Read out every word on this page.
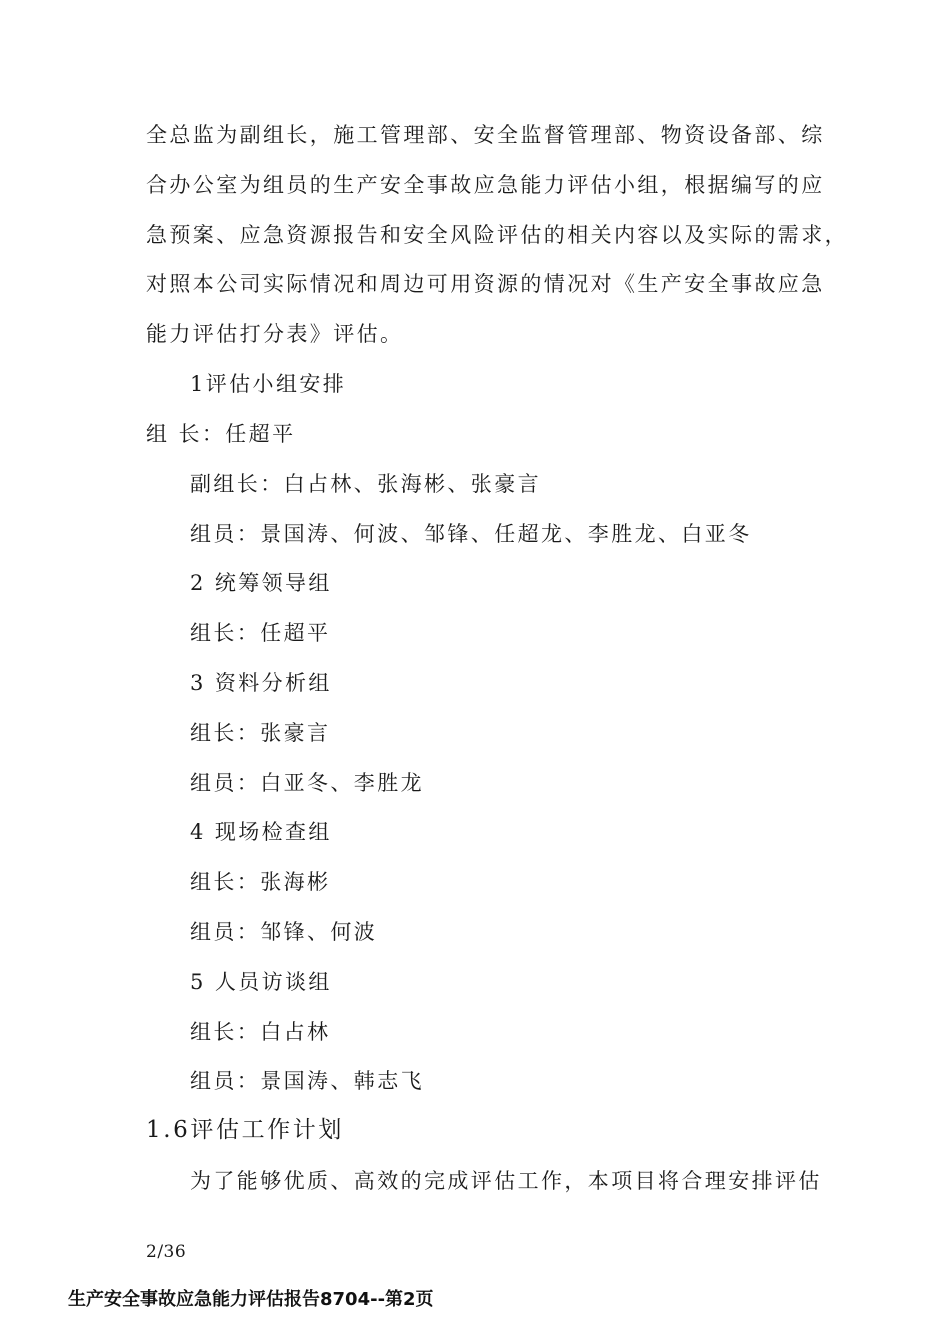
全总监为副组长，施工管理部、安全监督管理部、物资设备部、综
合办公室为组员的生产安全事故应急能力评估小组，根据编写的应
急预案、应急资源报告和安全风险评估的相关内容以及实际的需求，
对照本公司实际情况和周边可用资源的情况对《生产安全事故应急
能力评估打分表》评估。
1评估小组安排
组 长：任超平
副组长：白占林、张海彬、张豪言
组员：景国涛、何波、邹锋、任超龙、李胜龙、白亚冬
2 统筹领导组
组长：任超平
3 资料分析组
组长：张豪言
组员：白亚冬、李胜龙
4 现场检查组
组长：张海彬
组员：邹锋、何波
5 人员访谈组
组长：白占林
组员：景国涛、韩志飞
1.6评估工作计划
为了能够优质、高效的完成评估工作，本项目将合理安排评估
2/36
生产安全事故应急能力评估报告8704--第2页
